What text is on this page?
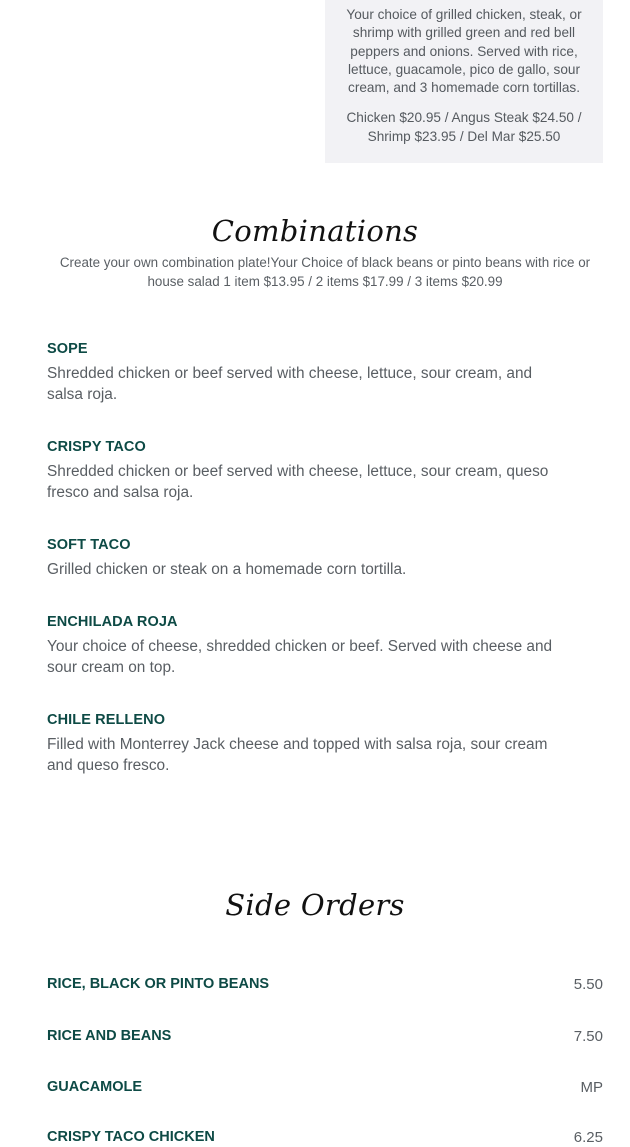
Your choice of grilled chicken, steak, or shrimp with grilled green and red bell peppers and onions. Served with rice, lettuce, guacamole, pico de gallo, sour cream, and 3 homemade corn tortillas.

Chicken $20.95 / Angus Steak $24.50 / Shrimp $23.95 / Del Mar $25.50

Combinations
Create your own combination plate!Your Choice of black beans or pinto beans with rice or house salad 1 item $13.95 / 2 items $17.99 / 3 items $20.99
SOPE

Shredded chicken or beef served with cheese, lettuce, sour cream, and salsa roja.

CRISPY TACO

Shredded chicken or beef served with cheese, lettuce, sour cream, queso fresco and salsa roja.

SOFT TACO

Grilled chicken or steak on a homemade corn tortilla.

ENCHILADA ROJA

Your choice of cheese, shredded chicken or beef. Served with cheese and sour cream on top.

CHILE RELLENO

Filled with Monterrey Jack cheese and topped with salsa roja, sour cream and queso fresco.

Side Orders
RICE, BLACK OR PINTO BEANS	5.50
RICE AND BEANS	7.50
GUACAMOLE	MP
CRISPY TACO CHICKEN	6.25
